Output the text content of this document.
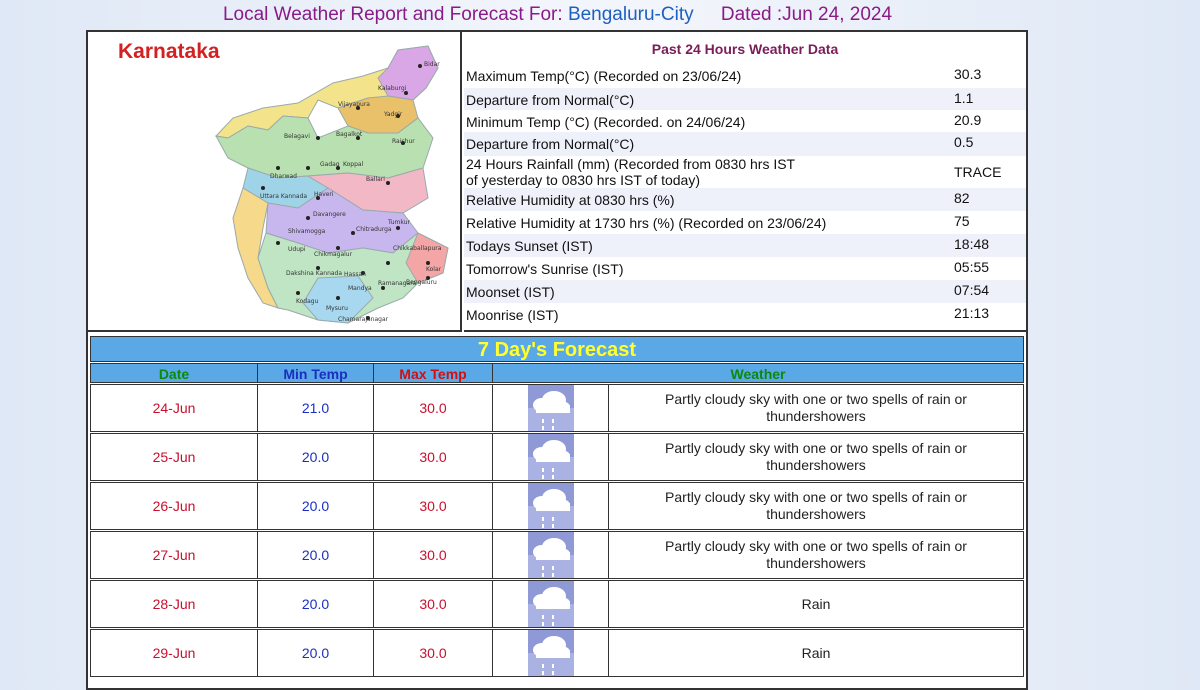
Local Weather Report and Forecast For: Bengaluru-City Dated :Jun 24, 2024
Karnataka
Bidar
Kalaburgi
Vijayapura
Yadgir
Belagavi	Bagalkot
Raichur
Gadag Koppal
Dharwad	Ballari
Uttara Kannada Haveri
Davangere
Shivamogga	Chitradurga
Tumkur
Udupi
Chikmagalur
Chikkaballapura
Hassan
Dakshina Kannada
Mandya
Ramanagara
Bengaluru
Kolar
Kodagu
Mysuru
Chamarajanagar
Past 24 Hours Weather Data
Maximum Temp(°C) (Recorded on 23/06/24)	30.3
Departure from Normal(°C)	1.1
Minimum Temp (°C) (Recorded. on 24/06/24)	20.9
Departure from Normal(°C)	0.5
24 Hours Rainfall (mm) (Recorded from 0830 hrs IST
of yesterday to 0830 hrs IST of today)	TRACE
Relative Humidity at 0830 hrs (%)	82
Relative Humidity at 1730 hrs (%) (Recorded on 23/06/24)	75
Todays Sunset (IST)	18:48
Tomorrow's Sunrise (IST)	05:55
Moonset (IST)	07:54
Moonrise (IST)	21:13
7 Day's Forecast
Date	Min Temp	Max Temp	Weather
24-Jun	21.0	30.0
Partly cloudy sky with one or two spells of rain or thundershowers
25-Jun	20.0	30.0
Partly cloudy sky with one or two spells of rain or thundershowers
26-Jun	20.0	30.0
Partly cloudy sky with one or two spells of rain or thundershowers
27-Jun	20.0	30.0
Partly cloudy sky with one or two spells of rain or thundershowers
28-Jun	20.0	30.0	Rain
29-Jun	20.0	30.0	Rain
